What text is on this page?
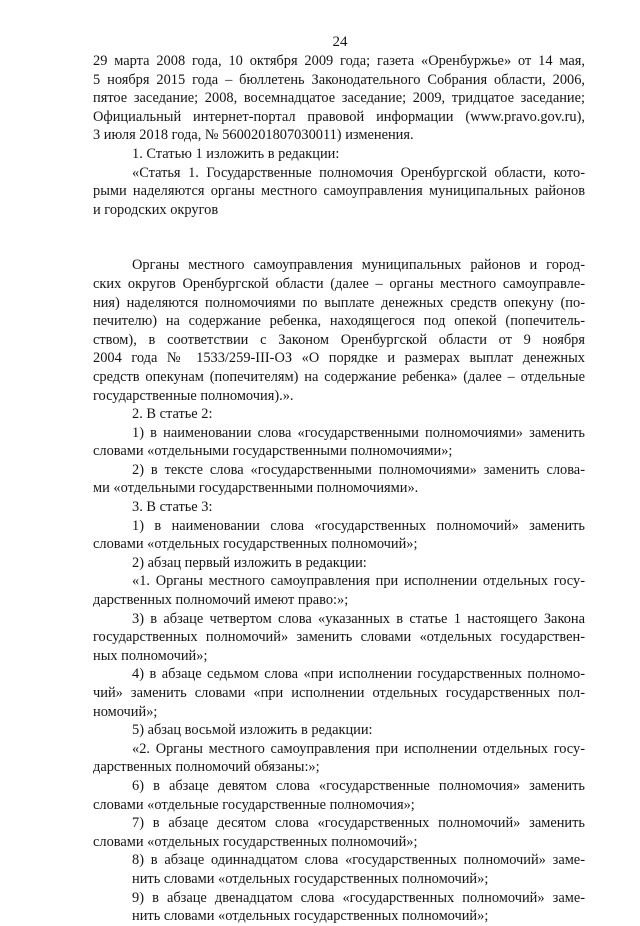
24
29 марта 2008 года, 10 октября 2009 года; газета «Оренбуржье» от 14 мая,
5 ноября 2015 года – бюллетень Законодательного Собрания области, 2006,
пятое заседание; 2008, восемнадцатое заседание; 2009, тридцатое заседание;
Официальный интернет-портал правовой информации (www.pravo.gov.ru),
3 июля 2018 года, № 5600201807030011) изменения.
1. Статью 1 изложить в редакции:
«Статья 1. Государственные полномочия Оренбургской области, кото-
рыми наделяются органы местного самоуправления муниципальных районов
и городских округов
Органы местного самоуправления муниципальных районов и город-
ских округов Оренбургской области (далее – органы местного самоуправле-
ния) наделяются полномочиями по выплате денежных средств опекуну (по-
печителю) на содержание ребенка, находящегося под опекой (попечитель-
ством), в соответствии с Законом Оренбургской области от 9 ноября
2004 года № 1533/259-III-ОЗ «О порядке и размерах выплат денежных
средств опекунам (попечителям) на содержание ребенка» (далее – отдельные
государственные полномочия).».
2. В статье 2:
1) в наименовании слова «государственными полномочиями» заменить
словами «отдельными государственными полномочиями»;
2) в тексте слова «государственными полномочиями» заменить слова-
ми «отдельными государственными полномочиями».
3. В статье 3:
1) в наименовании слова «государственных полномочий» заменить
словами «отдельных государственных полномочий»;
2) абзац первый изложить в редакции:
«1. Органы местного самоуправления при исполнении отдельных госу-
дарственных полномочий имеют право:»;
3) в абзаце четвертом слова «указанных в статье 1 настоящего Закона
государственных полномочий» заменить словами «отдельных государствен-
ных полномочий»;
4) в абзаце седьмом слова «при исполнении государственных полномо-
чий» заменить словами «при исполнении отдельных государственных пол-
номочий»;
5) абзац восьмой изложить в редакции:
«2. Органы местного самоуправления при исполнении отдельных госу-
дарственных полномочий обязаны:»;
6) в абзаце девятом слова «государственные полномочия» заменить
словами «отдельные государственные полномочия»;
7) в абзаце десятом слова «государственных полномочий» заменить
словами «отдельных государственных полномочий»;
8) в абзаце одиннадцатом слова «государственных полномочий» заме-
нить словами «отдельных государственных полномочий»;
9) в абзаце двенадцатом слова «государственных полномочий» заме-
нить словами «отдельных государственных полномочий»;
